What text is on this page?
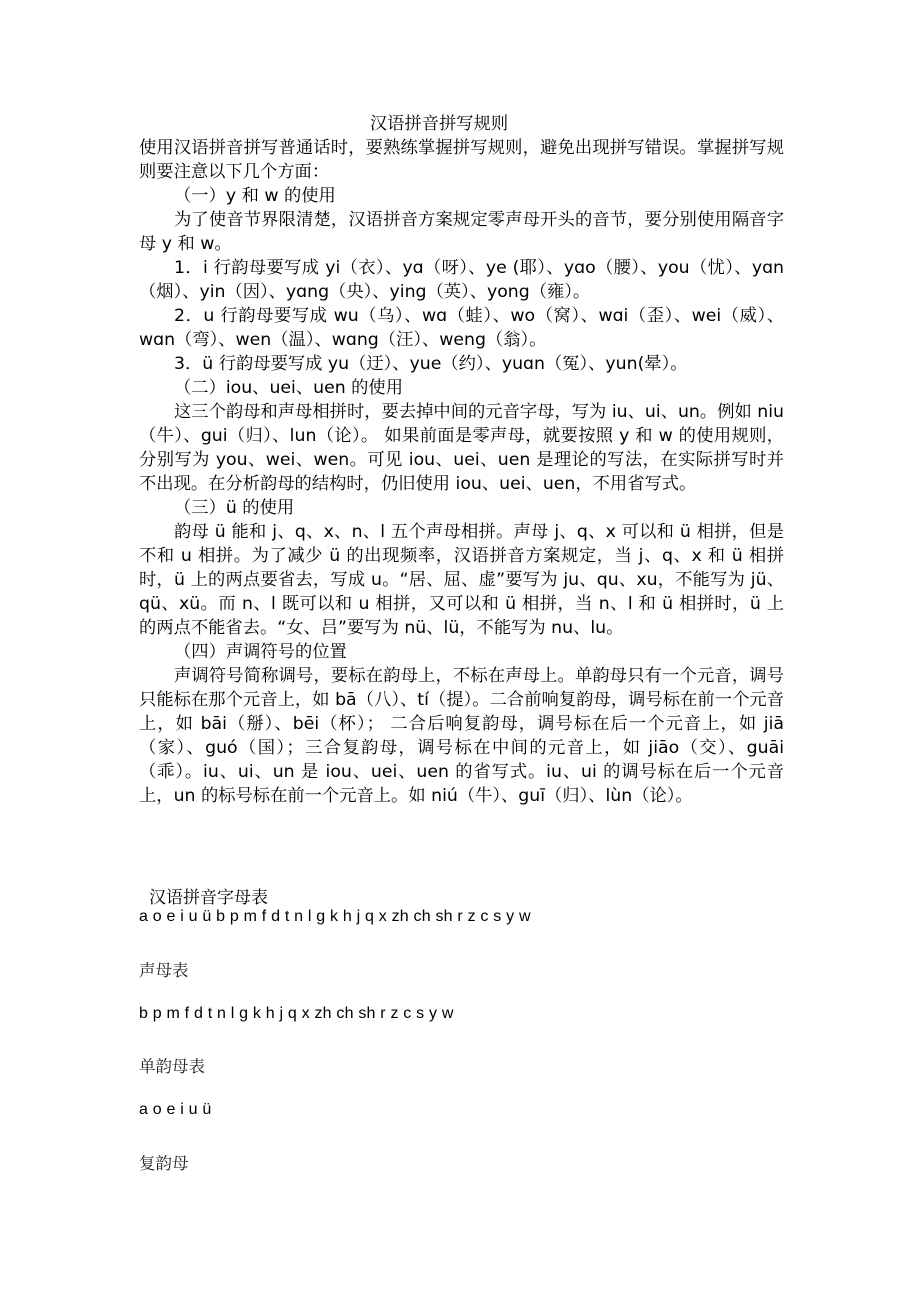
汉语拼音拼写规则
使用汉语拼音拼写普通话时，要熟练掌握拼写规则，避免出现拼写错误。掌握拼写规则要注意以下几个方面：
（一）y 和 w 的使用
为了使音节界限清楚，汉语拼音方案规定零声母开头的音节，要分别使用隔音字母 y 和 w。
1．i 行韵母要写成 yi（衣）、yɑ（呀）、ye (耶）、yɑo（腰）、you（忧）、yɑn（烟）、yin（因）、yɑng（央）、ying（英）、yong（雍）。
2．u 行韵母要写成 wu（乌）、wɑ（蛙）、wo（窝）、wɑi（歪）、wei（威）、wɑn（弯）、wen（温）、wɑng（汪）、weng（翁）。
3．ü 行韵母要写成 yu（迂）、yue（约）、yuɑn（冤）、yun(晕）。
（二）iou、uei、uen 的使用
这三个韵母和声母相拼时，要去掉中间的元音字母，写为 iu、ui、un。例如 niu（牛）、gui（归）、lun（论）。 如果前面是零声母，就要按照 y 和 w 的使用规则，分别写为 you、wei、wen。可见 iou、uei、uen 是理论的写法，在实际拼写时并不出现。在分析韵母的结构时，仍旧使用 iou、uei、uen，不用省写式。
（三）ü 的使用
韵母 ü 能和 j、q、x、n、l 五个声母相拼。声母 j、q、x 可以和 ü 相拼，但是不和 u 相拼。为了减少 ü 的出现频率，汉语拼音方案规定，当 j、q、x 和 ü 相拼时，ü 上的两点要省去，写成 u。“居、屈、虚”要写为 ju、qu、xu，不能写为 jü、qü、xü。而 n、l 既可以和 u 相拼，又可以和 ü 相拼，当 n、l 和 ü 相拼时，ü 上的两点不能省去。“女、吕”要写为 nü、lü，不能写为 nu、lu。
（四）声调符号的位置
声调符号简称调号，要标在韵母上，不标在声母上。单韵母只有一个元音，调号只能标在那个元音上，如 bā（八）、tí（提）。二合前响复韵母，调号标在前一个元音上，如 bāi（掰）、bēi（杯）； 二合后响复韵母，调号标在后一个元音上，如 jiā（家）、guó（国）；三合复韵母，调号标在中间的元音上，如 jiāo（交）、guāi（乖）。iu、ui、un 是 iou、uei、uen 的省写式。iu、ui 的调号标在后一个元音上，un 的标号标在前一个元音上。如 niú（牛）、guī（归）、lùn（论）。
汉语拼音字母表
a o e i u ü b p m f d t n l g k h j q x zh ch sh r z c s y w
声母表
b p m f d t n l g k h j q x zh ch sh r z c s y w
单韵母表
a o e i u ü
复韵母
